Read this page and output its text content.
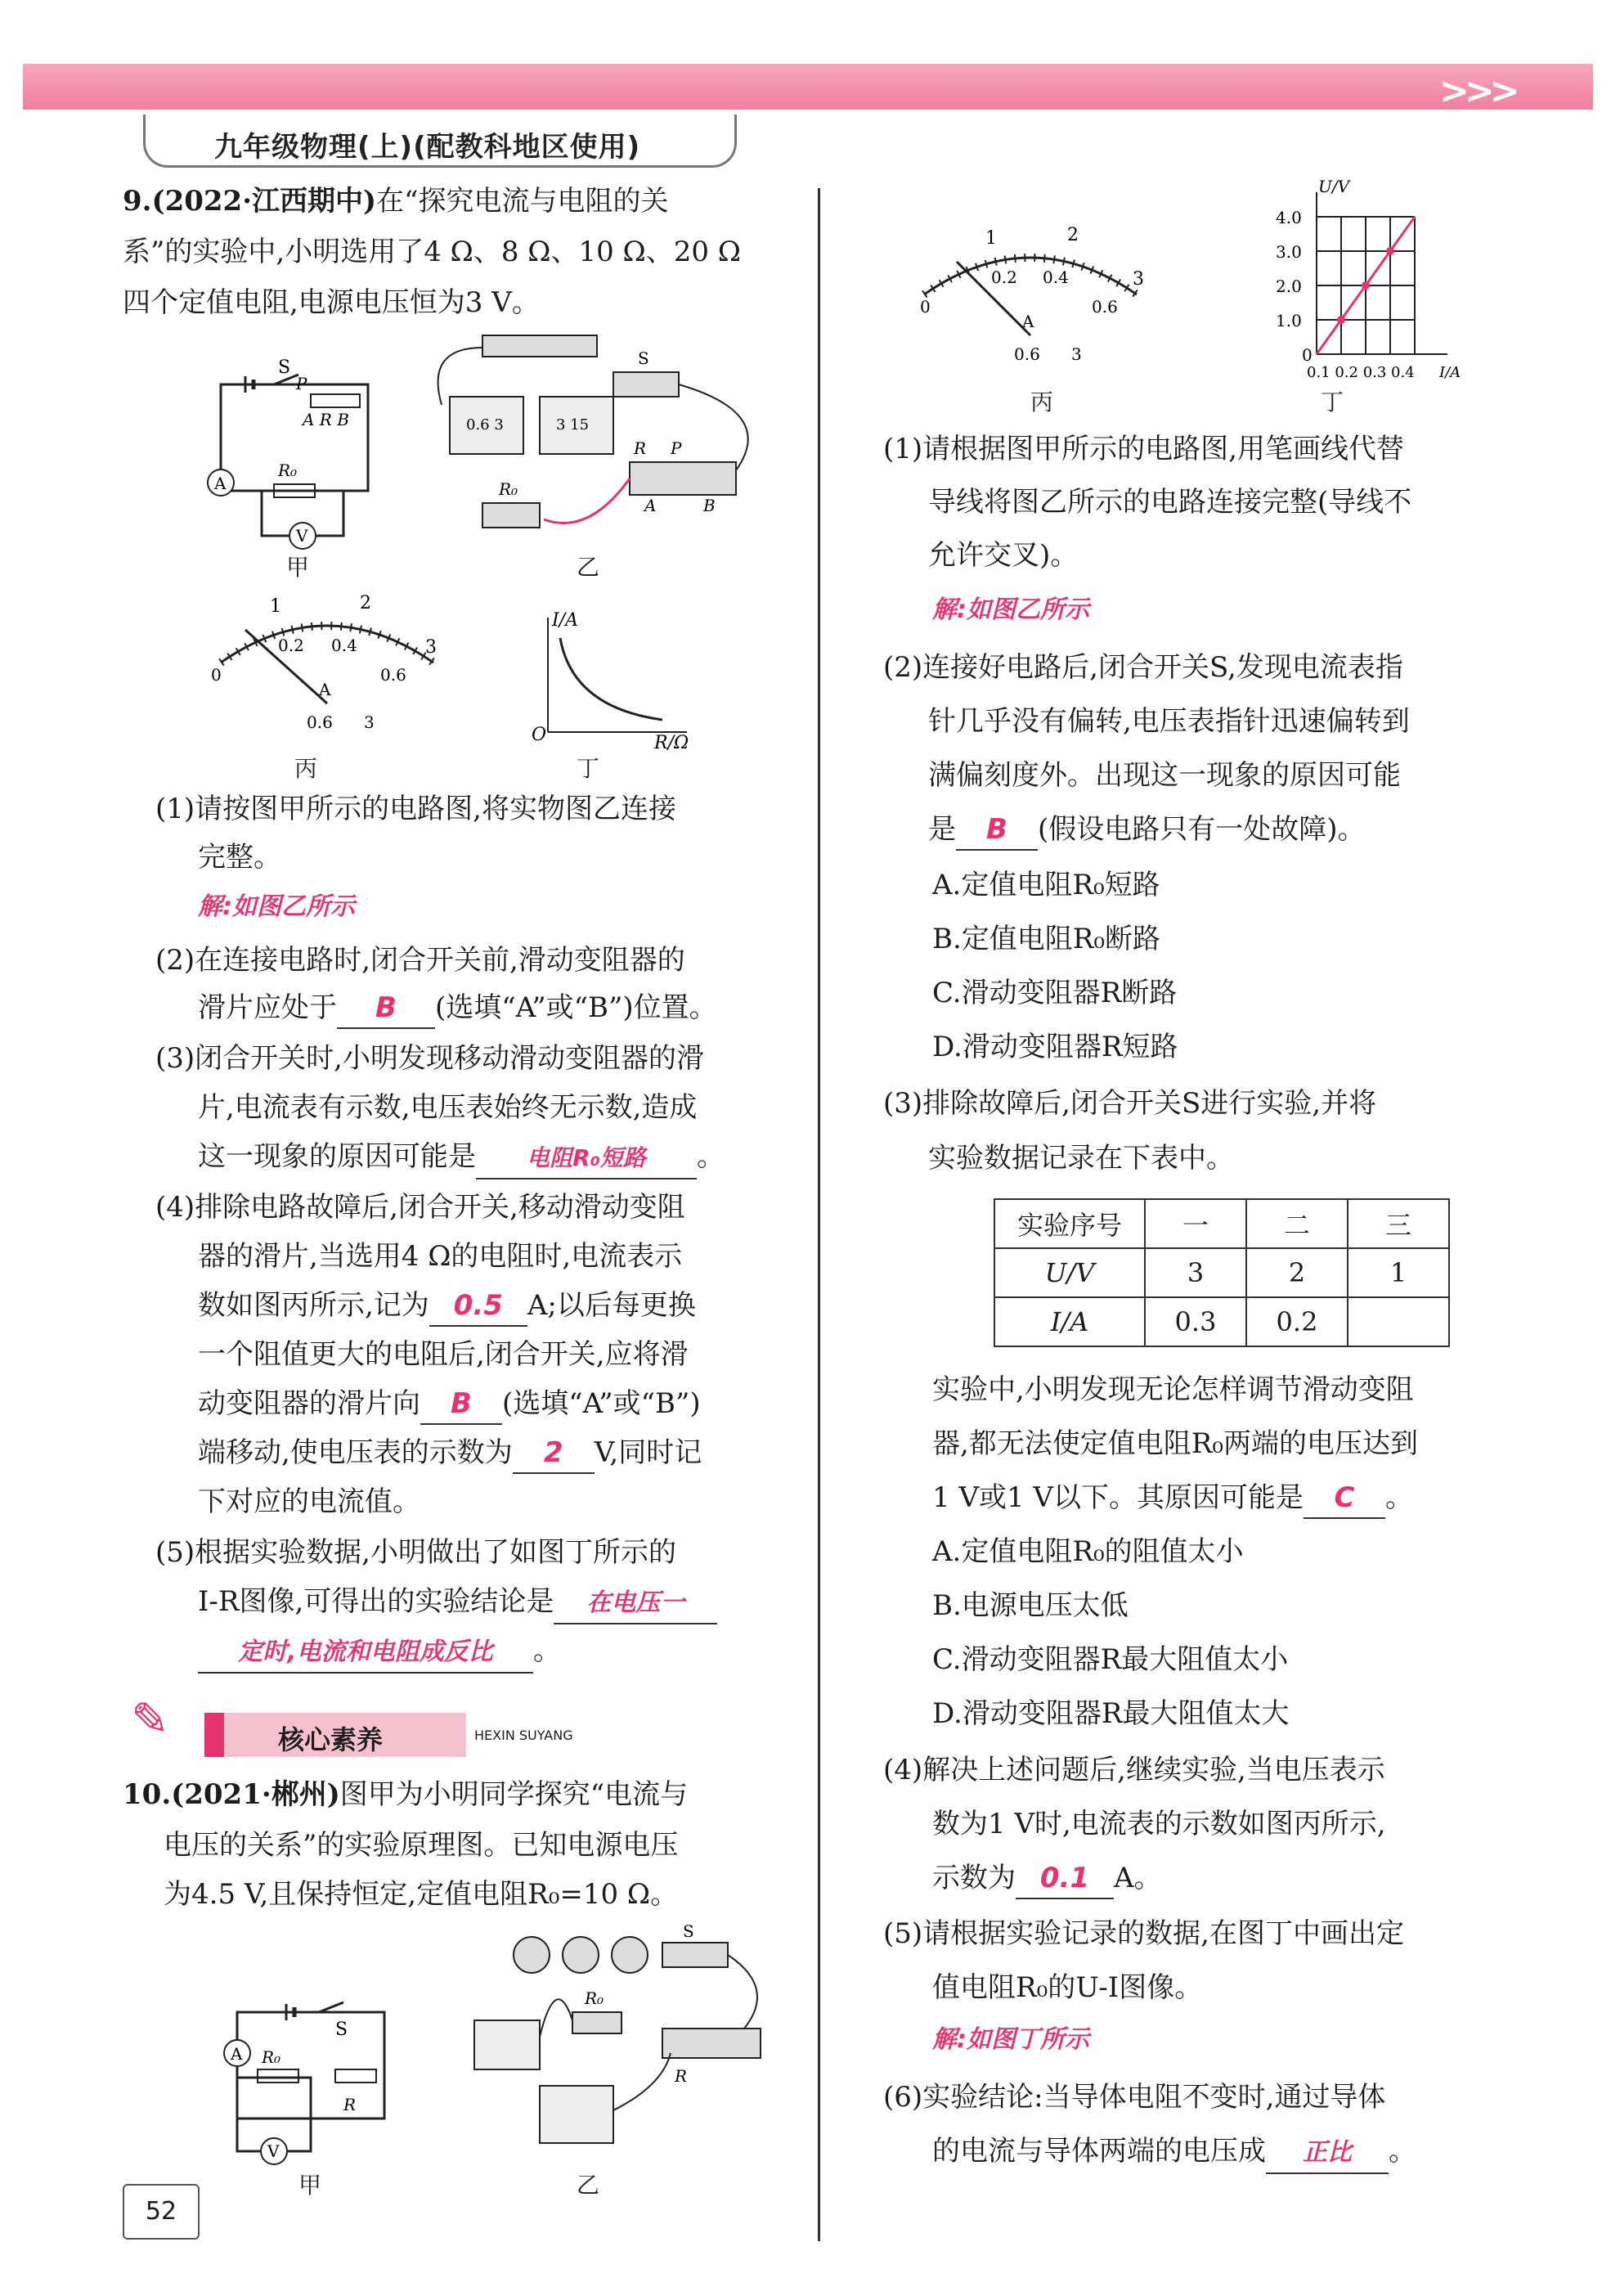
>>>
九年级物理(上)(配教科地区使用)
9.(2022·江西期中)在“探究电流与电阻的关
系”的实验中,小明选用了4 Ω、8 Ω、10 Ω、20 Ω
四个定值电阻,电源电压恒为3 V。
S
A R B
P
R₀
A
V
甲
0.6 3	3 15
S
A	B
P
R
R₀
乙
1	2
3
0.2 0.4
0.6
0
A
0.6 3
丙
I/A
O	R/Ω
丁
(1)请按图甲所示的电路图,将实物图乙连接
完整。
解:如图乙所示
(2)在连接电路时,闭合开关前,滑动变阻器的
滑片应处于 B (选填“A”或“B”)位置。
(3)闭合开关时,小明发现移动滑动变阻器的滑
片,电流表有示数,电压表始终无示数,造成
这一现象的原因可能是 电阻R₀短路 。
(4)排除电路故障后,闭合开关,移动滑动变阻
器的滑片,当选用4 Ω的电阻时,电流表示
数如图丙所示,记为 0.5 A;以后每更换
一个阻值更大的电阻后,闭合开关,应将滑
动变阻器的滑片向 B (选填“A”或“B”)
端移动,使电压表的示数为 2 V,同时记
下对应的电流值。
(5)根据实验数据,小明做出了如图丁所示的
I-R图像,可得出的实验结论是 在电压一
定时,电流和电阻成反比 。
✎	核心素养	HEXIN SUYANG
10.(2021·郴州)图甲为小明同学探究“电流与
电压的关系”的实验原理图。已知电源电压
为4.5 V,且保持恒定,定值电阻R₀=10 Ω。
S
A R₀
R
V
甲
S
R₀
R
乙
1	2
3
0.2 0.4
0.6
0
A
0.6 3
丙
U/V
4.0
3.0
2.0
1.0
0
0.1 0.2 0.3 0.4 I/A
丁
(1)请根据图甲所示的电路图,用笔画线代替
导线将图乙所示的电路连接完整(导线不
允许交叉)。
解:如图乙所示
(2)连接好电路后,闭合开关S,发现电流表指
针几乎没有偏转,电压表指针迅速偏转到
满偏刻度外。出现这一现象的原因可能
是 B (假设电路只有一处故障)。
A.定值电阻R₀短路
B.定值电阻R₀断路
C.滑动变阻器R断路
D.滑动变阻器R短路
(3)排除故障后,闭合开关S进行实验,并将
实验数据记录在下表中。
实验序号	一	二	三
U/V	3	2	1
I/A	0.3	0.2	
实验中,小明发现无论怎样调节滑动变阻
器,都无法使定值电阻R₀两端的电压达到
1 V或1 V以下。其原因可能是 C 。
A.定值电阻R₀的阻值太小
B.电源电压太低
C.滑动变阻器R最大阻值太小
D.滑动变阻器R最大阻值太大
(4)解决上述问题后,继续实验,当电压表示
数为1 V时,电流表的示数如图丙所示,
示数为 0.1 A。
(5)请根据实验记录的数据,在图丁中画出定
值电阻R₀的U-I图像。
解:如图丁所示
(6)实验结论:当导体电阻不变时,通过导体
的电流与导体两端的电压成 正比 。
52
